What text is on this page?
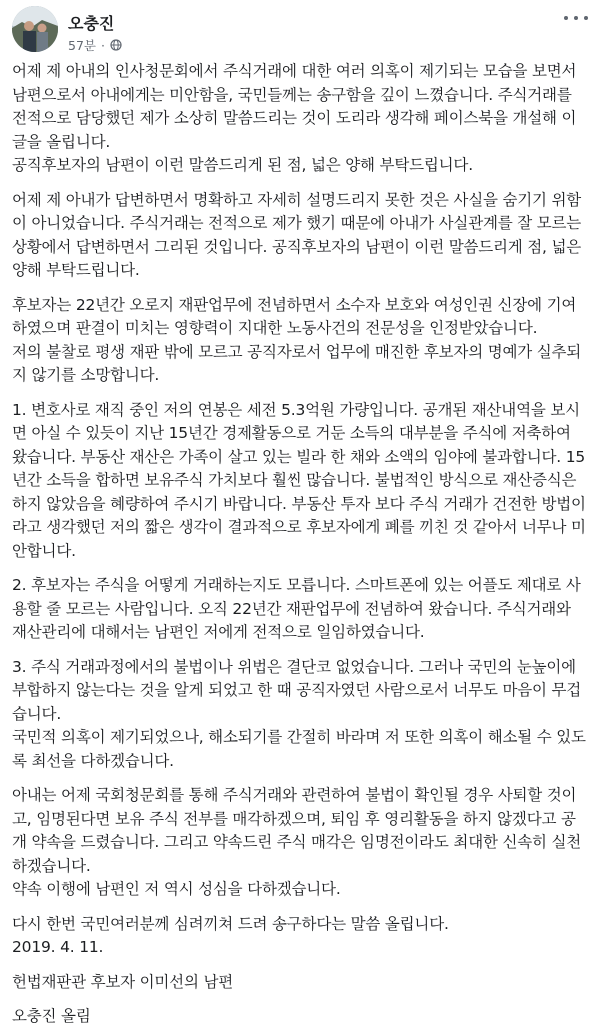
오충진
57분 ·

어제 제 아내의 인사청문회에서 주식거래에 대한 여러 의혹이 제기되는 모습을 보면서 남편으로서 아내에게는 미안함을, 국민들께는 송구함을 깊이 느꼈습니다. 주식거래를 전적으로 담당했던 제가 소상히 말씀드리는 것이 도리라 생각해 페이스북을 개설해 이 글을 올립니다.

공직후보자의 남편이 이런 말씀드리게 된 점, 넓은 양해 부탁드립니다.

어제 제 아내가 답변하면서 명확하고 자세히 설명드리지 못한 것은 사실을 숨기기 위함이 아니었습니다. 주식거래는 전적으로 제가 했기 때문에 아내가 사실관계를 잘 모르는 상황에서 답변하면서 그리된 것입니다. 공직후보자의 남편이 이런 말씀드리게 점, 넓은 양해 부탁드립니다.

후보자는 22년간 오로지 재판업무에 전념하면서 소수자 보호와 여성인권 신장에 기여하였으며 판결이 미치는 영향력이 지대한 노동사건의 전문성을 인정받았습니다.

저의 불찰로 평생 재판 밖에 모르고 공직자로서 업무에 매진한 후보자의 명예가 실추되지 않기를 소망합니다.

1. 변호사로 재직 중인 저의 연봉은 세전 5.3억원 가량입니다. 공개된 재산내역을 보시면 아실 수 있듯이 지난 15년간 경제활동으로 거둔 소득의 대부분을 주식에 저축하여 왔습니다. 부동산 재산은 가족이 살고 있는 빌라 한 채와 소액의 임야에 불과합니다. 15년간 소득을 합하면 보유주식 가치보다 훨씬 많습니다. 불법적인 방식으로 재산증식은 하지 않았음을 혜량하여 주시기 바랍니다. 부동산 투자 보다 주식 거래가 건전한 방법이라고 생각했던 저의 짧은 생각이 결과적으로 후보자에게 폐를 끼친 것 같아서 너무나 미안합니다.

2. 후보자는 주식을 어떻게 거래하는지도 모릅니다. 스마트폰에 있는 어플도 제대로 사용할 줄 모르는 사람입니다. 오직 22년간 재판업무에 전념하여 왔습니다. 주식거래와 재산관리에 대해서는 남편인 저에게 전적으로 일임하였습니다.

3. 주식 거래과정에서의 불법이나 위법은 결단코 없었습니다. 그러나 국민의 눈높이에 부합하지 않는다는 것을 알게 되었고 한 때 공직자였던 사람으로서 너무도 마음이 무겁습니다.

국민적 의혹이 제기되었으나, 해소되기를 간절히 바라며 저 또한 의혹이 해소될 수 있도록 최선을 다하겠습니다.

아내는 어제 국회청문회를 통해 주식거래와 관련하여 불법이 확인될 경우 사퇴할 것이고, 임명된다면 보유 주식 전부를 매각하겠으며, 퇴임 후 영리활동을 하지 않겠다고 공개 약속을 드렸습니다. 그리고 약속드린 주식 매각은 임명전이라도 최대한 신속히 실천하겠습니다.

약속 이행에 남편인 저 역시 성심을 다하겠습니다.

다시 한번 국민여러분께 심려끼쳐 드려 송구하다는 말씀 올립니다.

2019. 4. 11.

헌법재판관 후보자 이미선의 남편

오충진 올림
